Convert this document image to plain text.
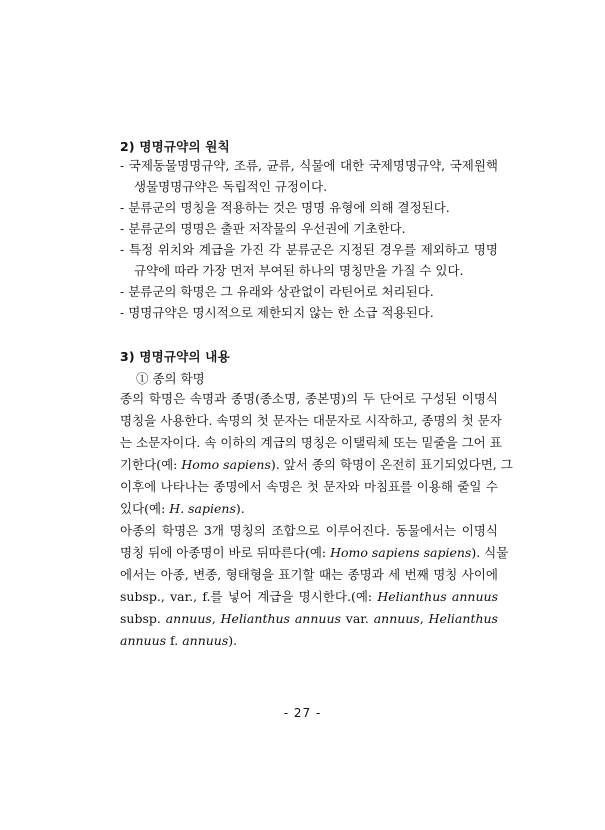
2) 명명규약의 원칙
- 국제동물명명규약, 조류, 균류, 식물에 대한 국제명명규약, 국제원핵
생물명명규약은 독립적인 규정이다.
- 분류군의 명칭을 적용하는 것은 명명 유형에 의해 결정된다.
- 분류군의 명명은 출판 저작물의 우선권에 기초한다.
- 특정 위치와 계급을 가진 각 분류군은 지정된 경우를 제외하고 명명
규약에 따라 가장 먼저 부여된 하나의 명칭만을 가질 수 있다.
- 분류군의 학명은 그 유래와 상관없이 라틴어로 처리된다.
- 명명규약은 명시적으로 제한되지 않는 한 소급 적용된다.
3) 명명규약의 내용
① 종의 학명
종의 학명은 속명과 종명(종소명, 종본명)의 두 단어로 구성된 이명식
명칭을 사용한다. 속명의 첫 문자는 대문자로 시작하고, 종명의 첫 문자
는 소문자이다. 속 이하의 계급의 명칭은 이탤릭체 또는 밑줄을 그어 표
기한다(예: Homo sapiens). 앞서 종의 학명이 온전히 표기되었다면, 그
이후에 나타나는 종명에서 속명은 첫 문자와 마침표를 이용해 줄일 수
있다(예: H. sapiens).
아종의 학명은 3개 명칭의 조합으로 이루어진다. 동물에서는 이명식
명칭 뒤에 아종명이 바로 뒤따른다(예: Homo sapiens sapiens). 식물
에서는 아종, 변종, 형태형을 표기할 때는 종명과 세 번째 명칭 사이에
subsp., var., f.를 넣어 계급을 명시한다.(예: Helianthus annuus
subsp. annuus, Helianthus annuus var. annuus, Helianthus
annuus f. annuus).
- 27 -
